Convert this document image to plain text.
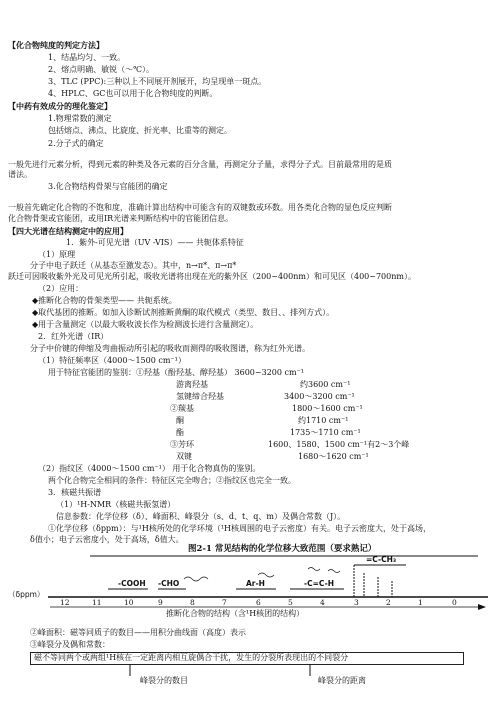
【化合物纯度的判定方法】
1、结晶均匀、一致。
2、熔点明确、敏锐（～℃）。
3、TLC (PPC):三种以上不同展开剂展开，均呈现单一斑点。
4、HPLC、GC也可以用于化合物纯度的判断。
【中药有效成分的理化鉴定】
1.物理常数的测定
包括熔点、沸点、比旋度、折光率、比重等的测定。
2.分子式的确定
一般先进行元素分析，得到元素的种类及各元素的百分含量，再测定分子量，求得分子式。目前最常用的是质
谱法。
3.化合物结构骨架与官能团的确定
一般首先确定化合物的不饱和度，准确计算出结构中可能含有的双键数或环数。用各类化合物的显色反应判断
化合物骨架或官能团，或用IR光谱来判断结构中的官能团信息。
【四大光谱在结构测定中的应用】
1．紫外-可见光谱（UV -VIS）—— 共轭体系特征
（1）原理
分子中电子跃迁（从基态至激发态）。其中，n→π*、π→π*
跃迁可因吸收紫外光及可见光所引起，吸收光谱将出现在光的紫外区（200~400nm）和可见区（400~700nm）。
（2）应用：
◆推断化合物的骨架类型—— 共轭系统。
◆取代基团的推断。如加入诊断试剂推断黄酮的取代模式（类型、数目、、排列方式）。
◆用于含量测定（以最大吸收波长作为检测波长进行含量测定）。
2．红外光谱（IR）
分子中价键的伸缩及弯曲振动所引起的吸收而测得的吸收图谱，称为红外光谱。
（1）特征频率区（4000～1500 cm⁻¹）
用于特征官能团的鉴别：①羟基（酚羟基、醇羟基） 3600~3200 cm⁻¹
游离羟基	约3600 cm⁻¹
氢键缔合羟基	3400～3200 cm⁻¹
②羰基	1800～1600 cm⁻¹
酮	约1710 cm⁻¹
酯	1735～1710 cm⁻¹
③芳环	1600、1580、1500 cm⁻¹有2～3个峰
双键	1680～1620 cm⁻¹
（2）指纹区（4000～1500 cm⁻¹） 用于化合物真伪的鉴别。
两个化合物完全相同的条件：特征区完全吻合；②指纹区也完全一致。
3．核磁共振谱
（1）¹H-NMR（核磁共振氢谱）
信息参数：化学位移（δ）、峰面积、峰裂分（s、d、t、q、m）及偶合常数（J）。
①化学位移（δppm）：与¹H核所处的化学环境（¹H核周围的电子云密度）有关。电子云密度大，处于高场，
δ值小；电子云密度小，处于高场，δ值大。
图2-1 常见结构的化学位移大致范围（要求熟记）
（δppm）
12	11	10	9	8	7	6	5	4	3	2	1	0
-COOH -CHO	Ar-H	-C=C-H
=C-CH₃
推断化合物的结构（含¹H核团的结构）
②峰面积：磁等同质子的数目——用积分曲线面（高度）表示
③峰裂分及偶和常数：
磁不等同两个或两组¹H核在一定距离内相互旋偶合干扰，发生的分裂所表现出的不同裂分
峰裂分的数目	峰裂分的距离
